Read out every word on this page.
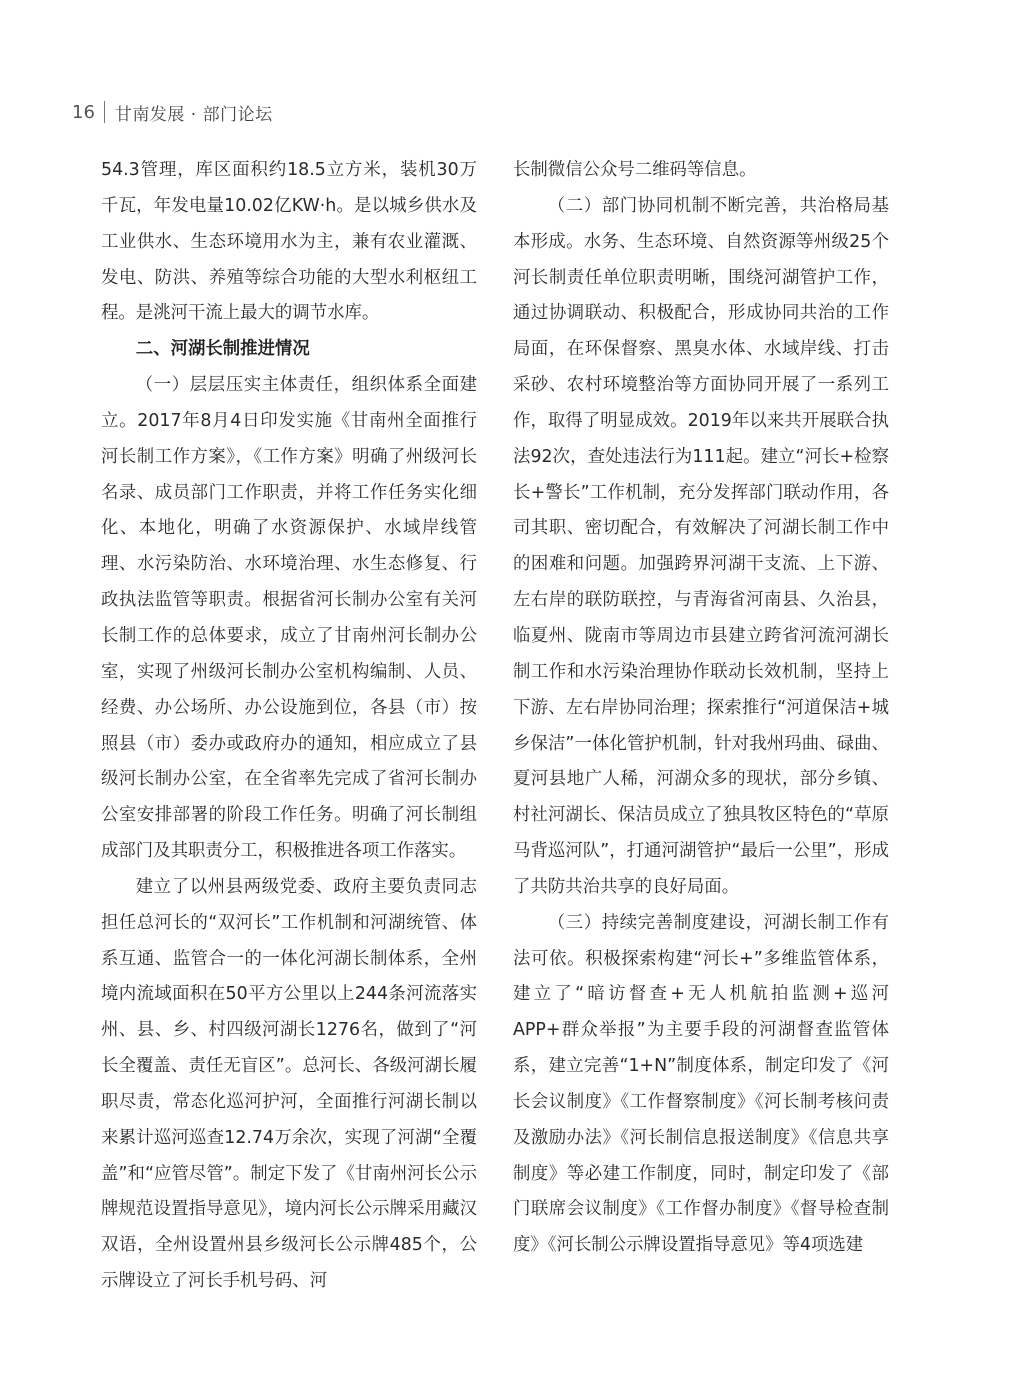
16 甘南发展 · 部门论坛

54.3管理，库区面积约18.5立方米，装机30万千瓦，年发电量10.02亿KW·h。是以城乡供水及工业供水、生态环境用水为主，兼有农业灌溉、发电、防洪、养殖等综合功能的大型水利枢纽工程。是洮河干流上最大的调节水库。

二、河湖长制推进情况

（一）层层压实主体责任，组织体系全面建立。2017年8月4日印发实施《甘南州全面推行河长制工作方案》，《工作方案》明确了州级河长名录、成员部门工作职责，并将工作任务实化细化、本地化，明确了水资源保护、水域岸线管理、水污染防治、水环境治理、水生态修复、行政执法监管等职责。根据省河长制办公室有关河长制工作的总体要求，成立了甘南州河长制办公室，实现了州级河长制办公室机构编制、人员、经费、办公场所、办公设施到位，各县（市）按照县（市）委办或政府办的通知，相应成立了县级河长制办公室，在全省率先完成了省河长制办公室安排部署的阶段工作任务。明确了河长制组成部门及其职责分工，积极推进各项工作落实。

建立了以州县两级党委、政府主要负责同志担任总河长的“双河长”工作机制和河湖统管、体系互通、监管合一的一体化河湖长制体系，全州境内流域面积在50平方公里以上244条河流落实州、县、乡、村四级河湖长1276名，做到了“河长全覆盖、责任无盲区”。总河长、各级河湖长履职尽责，常态化巡河护河，全面推行河湖长制以来累计巡河巡查12.74万余次，实现了河湖“全覆盖”和“应管尽管”。制定下发了《甘南州河长公示牌规范设置指导意见》，境内河长公示牌采用藏汉双语，全州设置州县乡级河长公示牌485个，公示牌设立了河长手机号码、河

长制微信公众号二维码等信息。

（二）部门协同机制不断完善，共治格局基本形成。水务、生态环境、自然资源等州级25个河长制责任单位职责明晰，围绕河湖管护工作，通过协调联动、积极配合，形成协同共治的工作局面，在环保督察、黑臭水体、水域岸线、打击采砂、农村环境整治等方面协同开展了一系列工作，取得了明显成效。2019年以来共开展联合执法92次，查处违法行为111起。建立“河长+检察长+警长”工作机制，充分发挥部门联动作用，各司其职、密切配合，有效解决了河湖长制工作中的困难和问题。加强跨界河湖干支流、上下游、左右岸的联防联控，与青海省河南县、久治县，临夏州、陇南市等周边市县建立跨省河流河湖长制工作和水污染治理协作联动长效机制，坚持上下游、左右岸协同治理；探索推行“河道保洁+城乡保洁”一体化管护机制，针对我州玛曲、碌曲、夏河县地广人稀，河湖众多的现状，部分乡镇、村社河湖长、保洁员成立了独具牧区特色的“草原马背巡河队”，打通河湖管护“最后一公里”，形成了共防共治共享的良好局面。

（三）持续完善制度建设，河湖长制工作有法可依。积极探索构建“河长+”多维监管体系，建立了“暗访督查+无人机航拍监测+巡河APP+群众举报”为主要手段的河湖督查监管体系，建立完善“1+N”制度体系，制定印发了《河长会议制度》《工作督察制度》《河长制考核问责及激励办法》《河长制信息报送制度》《信息共享制度》等必建工作制度，同时，制定印发了《部门联席会议制度》《工作督办制度》《督导检查制度》《河长制公示牌设置指导意见》等4项选建
